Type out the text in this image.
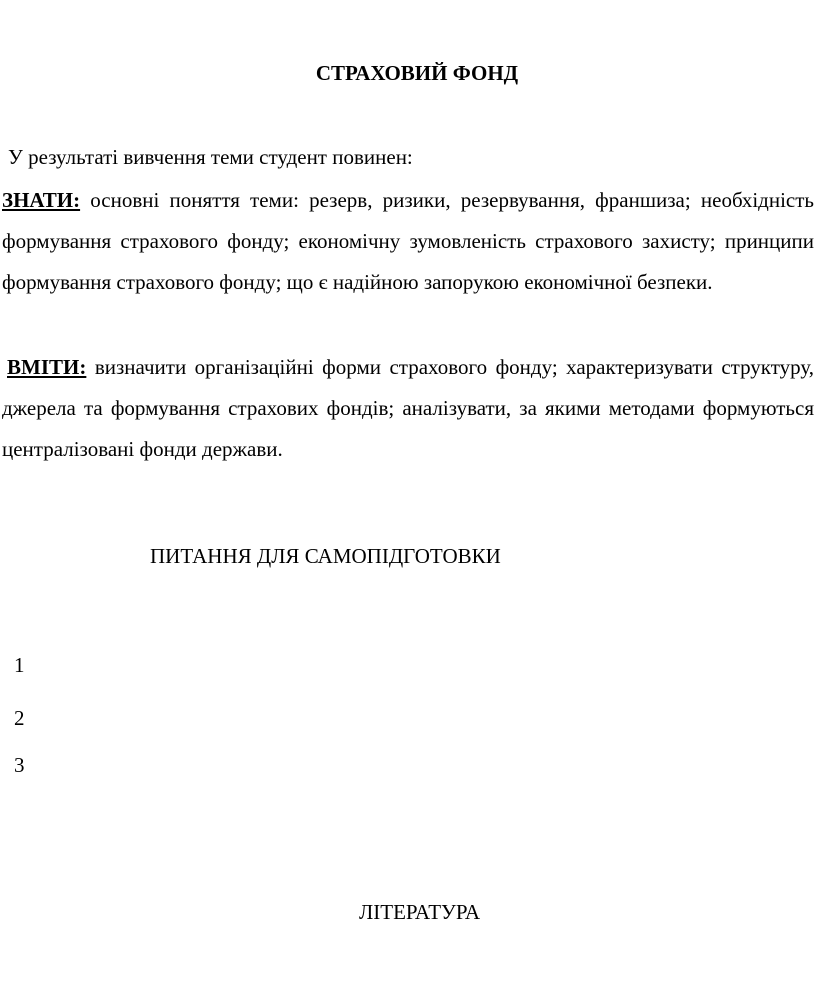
СТРАХОВИЙ ФОНД
У результаті вивчення теми студент повинен:
ЗНАТИ: основні поняття теми: резерв, ризики, резервування, франшиза; необхідність формування страхового фонду; економічну зумовленість страхового захисту; принципи формування страхового фонду; що є надійною запорукою економічної безпеки.
ВМІТИ: визначити організаційні форми страхового фонду; характеризувати структуру, джерела та формування страхових фондів; аналізувати, за якими методами формуються централізовані фонди держави.
ПИТАННЯ ДЛЯ САМОПІДГОТОВКИ
1
2
3
ЛІТЕРАТУРА
